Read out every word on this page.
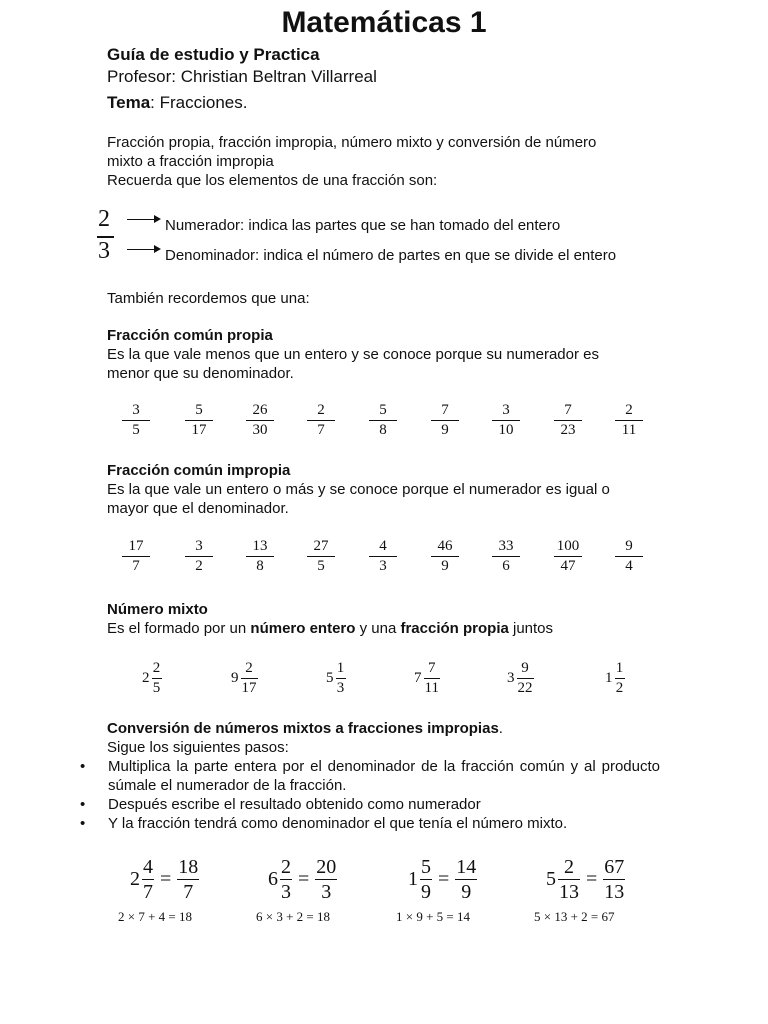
Matemáticas 1
Guía de estudio y Practica
Profesor: Christian Beltran Villarreal
Tema: Fracciones.
Fracción propia, fracción impropia, número mixto y conversión de número
mixto a fracción impropia
Recuerda que los elementos de una fracción son:
2
3
Numerador: indica las partes que se han tomado del entero
Denominador: indica el número de partes en que se divide el entero
También recordemos que una:
Fracción común propia
Es la que vale menos que un entero y se conoce porque su numerador es
menor que su denominador.
3
5
5
17
26
30
2
7
5
8
7
9
3
10
7
23
2
11
Fracción común impropia
Es la que vale un entero o más y se conoce porque el numerador es igual o
mayor que el denominador.
17
7
3
2
13
8
27
5
4
3
46
9
33
6
100
47
9
4
Número mixto
Es el formado por un número entero y una fracción propia juntos
$2 \frac{2}{5}$	$9 \frac{2}{17}$	$5 \frac{1}{3}$	$7 \frac{7}{11}$	$3 \frac{9}{22}$	$1 \frac{1}{2}$
Conversión de números mixtos a fracciones impropias.
Sigue los siguientes pasos:
• Multiplica la parte entera por el denominador de la fracción común y al producto súmale el numerador de la fracción.
• Después escribe el resultado obtenido como numerador
• Y la fracción tendrá como denominador el que tenía el número mixto.
$2 \frac{4}{7} = \frac{18}{7}$
2 × 7 + 4 = 18
$6 \frac{2}{3} = \frac{20}{3}$
6 × 3 + 2 = 18
$1 \frac{5}{9} = \frac{14}{9}$
1 × 9 + 5 = 14
$5 \frac{2}{13} = \frac{67}{13}$
5 × 13 + 2 = 67
